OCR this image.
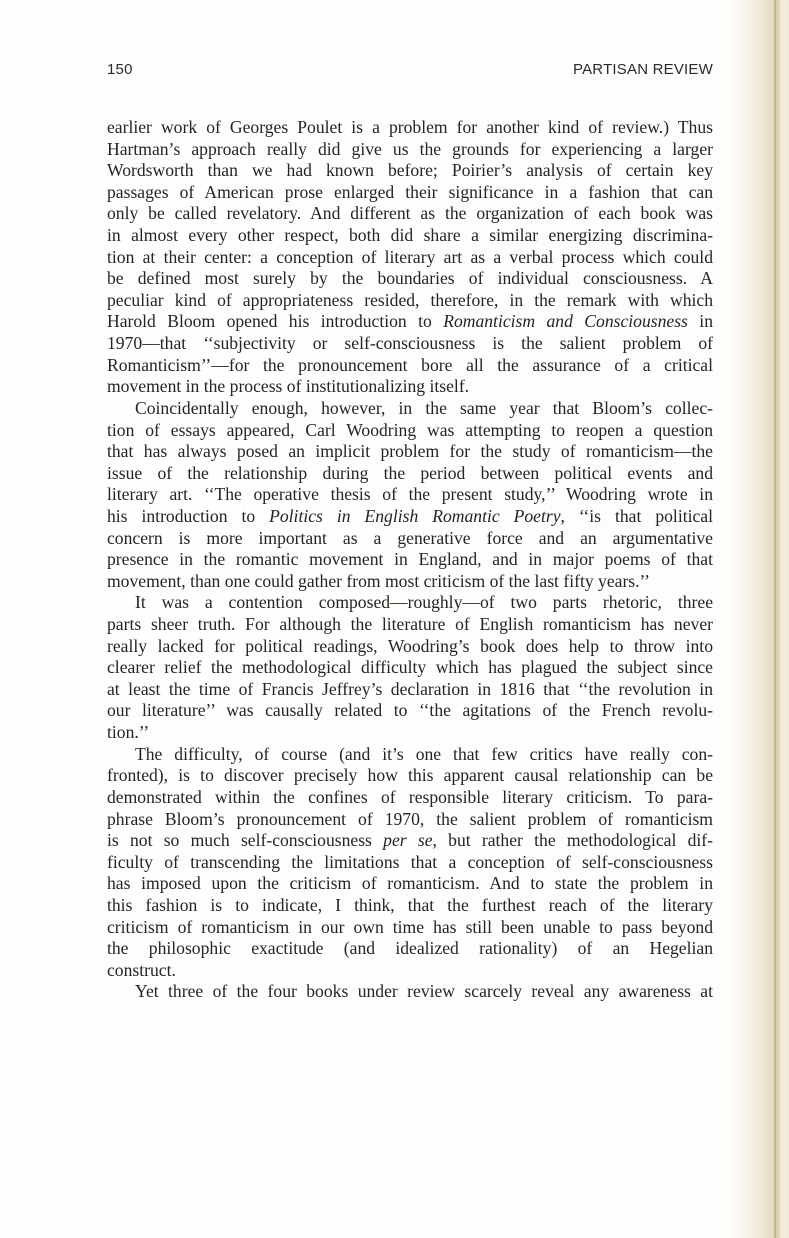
150	PARTISAN REVIEW
earlier work of Georges Poulet is a problem for another kind of review.) Thus
Hartman’s approach really did give us the grounds for experiencing a larger
Wordsworth than we had known before; Poirier’s analysis of certain key
passages of American prose enlarged their significance in a fashion that can
only be called revelatory. And different as the organization of each book was
in almost every other respect, both did share a similar energizing discrimina-
tion at their center: a conception of literary art as a verbal process which could
be defined most surely by the boundaries of individual consciousness. A
peculiar kind of appropriateness resided, therefore, in the remark with which
Harold Bloom opened his introduction to Romanticism and Consciousness in
1970—that ‘‘subjectivity or self-consciousness is the salient problem of
Romanticism’’—for the pronouncement bore all the assurance of a critical
movement in the process of institutionalizing itself.
Coincidentally enough, however, in the same year that Bloom’s collec-
tion of essays appeared, Carl Woodring was attempting to reopen a question
that has always posed an implicit problem for the study of romanticism—the
issue of the relationship during the period between political events and
literary art. ‘‘The operative thesis of the present study,’’ Woodring wrote in
his introduction to Politics in English Romantic Poetry, ‘‘is that political
concern is more important as a generative force and an argumentative
presence in the romantic movement in England, and in major poems of that
movement, than one could gather from most criticism of the last fifty years.’’
It was a contention composed—roughly—of two parts rhetoric, three
parts sheer truth. For although the literature of English romanticism has never
really lacked for political readings, Woodring’s book does help to throw into
clearer relief the methodological difficulty which has plagued the subject since
at least the time of Francis Jeffrey’s declaration in 1816 that ‘‘the revolution in
our literature’’ was causally related to ‘‘the agitations of the French revolu-
tion.’’
The difficulty, of course (and it’s one that few critics have really con-
fronted), is to discover precisely how this apparent causal relationship can be
demonstrated within the confines of responsible literary criticism. To para-
phrase Bloom’s pronouncement of 1970, the salient problem of romanticism
is not so much self-consciousness per se, but rather the methodological dif-
ficulty of transcending the limitations that a conception of self-consciousness
has imposed upon the criticism of romanticism. And to state the problem in
this fashion is to indicate, I think, that the furthest reach of the literary
criticism of romanticism in our own time has still been unable to pass beyond
the philosophic exactitude (and idealized rationality) of an Hegelian
construct.
Yet three of the four books under review scarcely reveal any awareness at
